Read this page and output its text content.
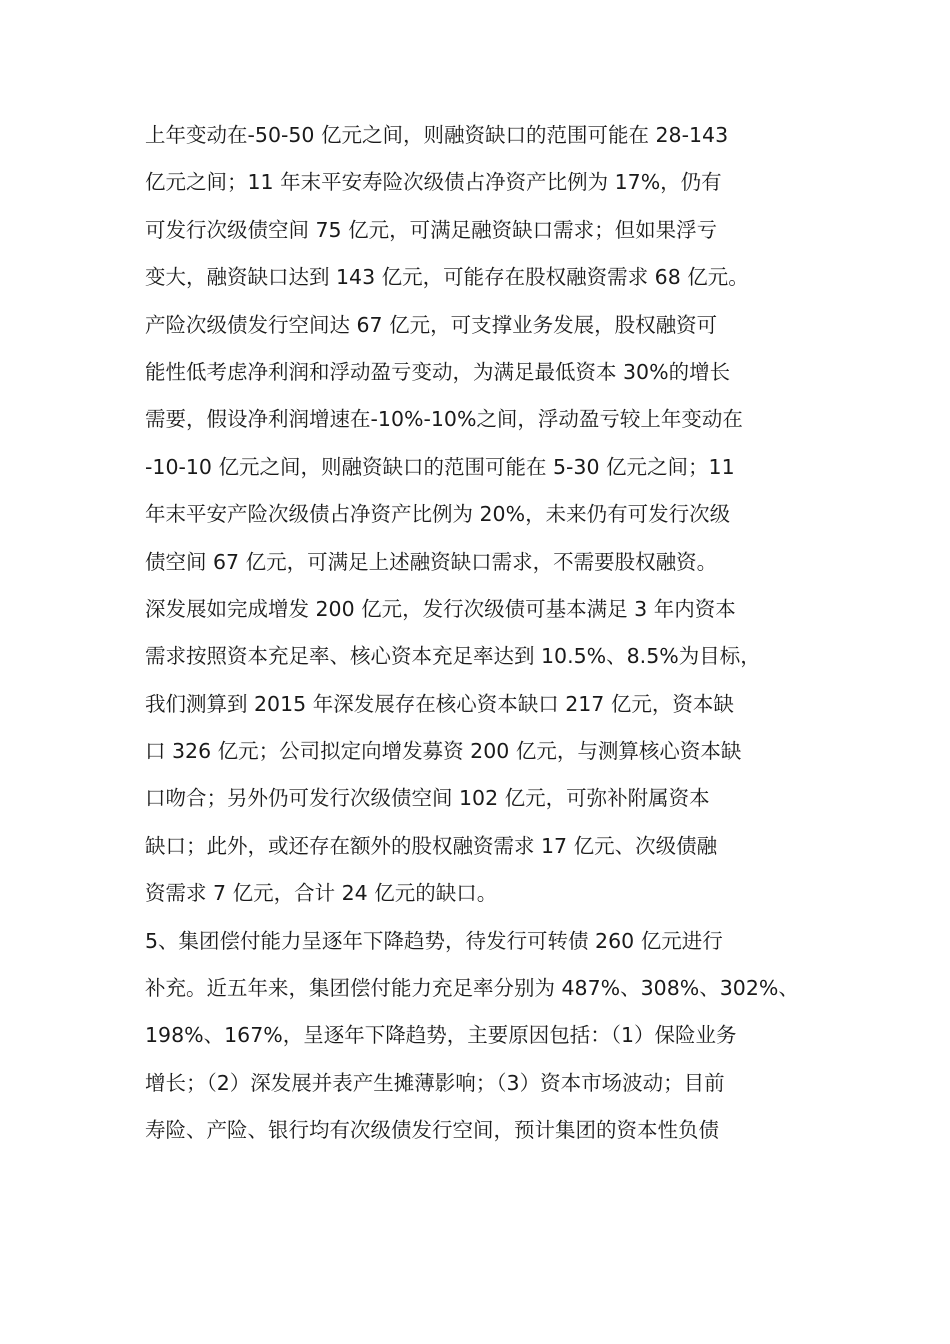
上年变动在-50-50 亿元之间，则融资缺口的范围可能在 28-143
亿元之间；11 年末平安寿险次级债占净资产比例为 17%，仍有
可发行次级债空间 75 亿元，可满足融资缺口需求；但如果浮亏
变大，融资缺口达到 143 亿元，可能存在股权融资需求 68 亿元。
产险次级债发行空间达 67 亿元，可支撑业务发展，股权融资可
能性低考虑净利润和浮动盈亏变动，为满足最低资本 30%的增长
需要，假设净利润增速在-10%-10%之间，浮动盈亏较上年变动在
-10-10 亿元之间，则融资缺口的范围可能在 5-30 亿元之间；11
年末平安产险次级债占净资产比例为 20%，未来仍有可发行次级
债空间 67 亿元，可满足上述融资缺口需求，不需要股权融资。
深发展如完成增发 200 亿元，发行次级债可基本满足 3 年内资本
需求按照资本充足率、核心资本充足率达到 10.5%、8.5%为目标，
我们测算到 2015 年深发展存在核心资本缺口 217 亿元，资本缺
口 326 亿元；公司拟定向增发募资 200 亿元，与测算核心资本缺
口吻合；另外仍可发行次级债空间 102 亿元，可弥补附属资本
缺口；此外，或还存在额外的股权融资需求 17 亿元、次级债融
资需求 7 亿元，合计 24 亿元的缺口。
5、集团偿付能力呈逐年下降趋势，待发行可转债 260 亿元进行
补充。近五年来，集团偿付能力充足率分别为 487%、308%、302%、
198%、167%，呈逐年下降趋势，主要原因包括：（1）保险业务
增长；（2）深发展并表产生摊薄影响；（3）资本市场波动；目前
寿险、产险、银行均有次级债发行空间，预计集团的资本性负债
